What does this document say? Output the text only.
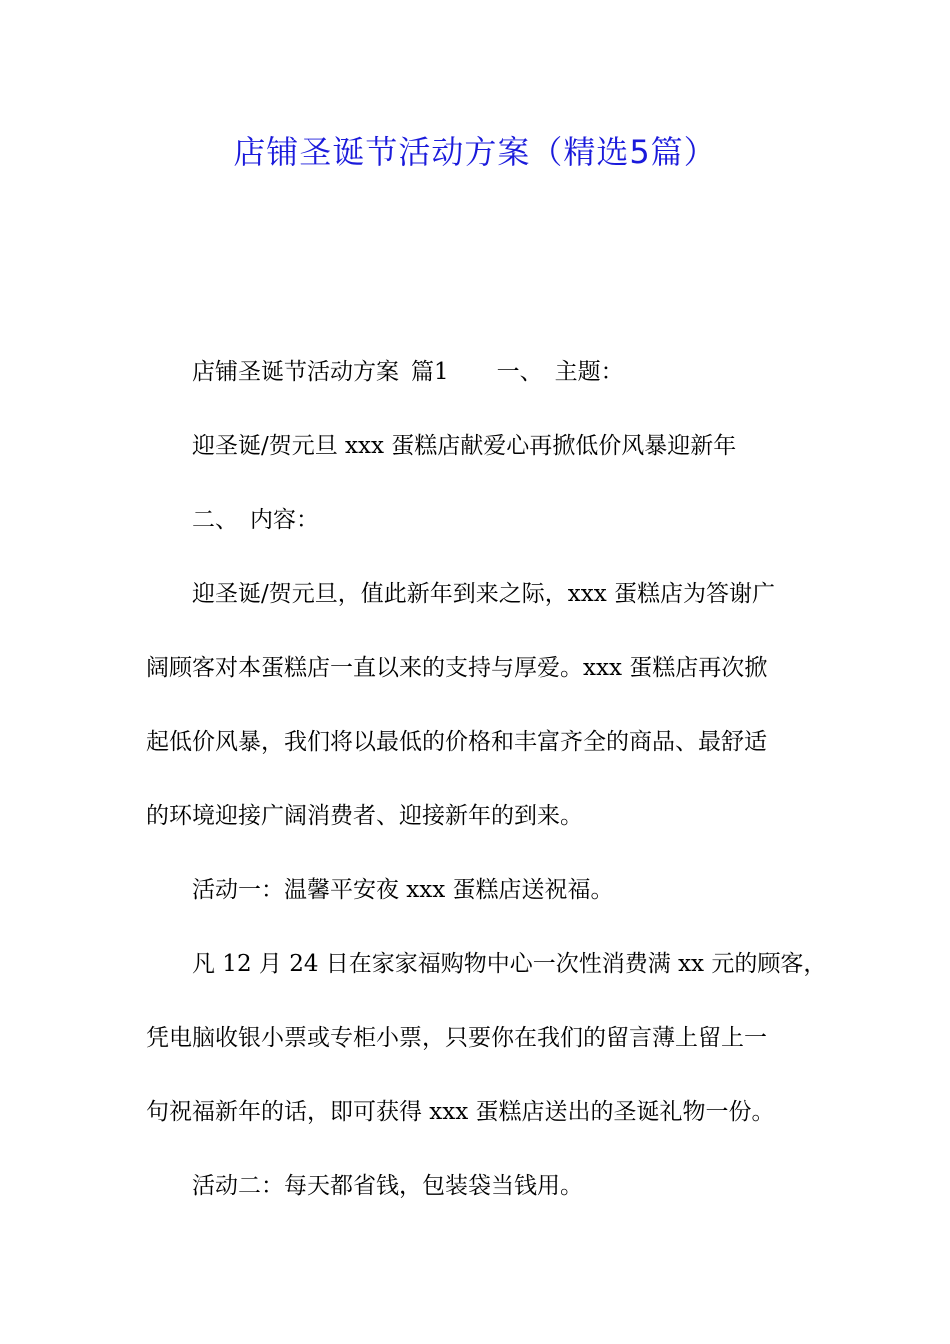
店铺圣诞节活动方案（精选5篇）
店铺圣诞节活动方案 篇1 一、 主题：
迎圣诞/贺元旦 xxx 蛋糕店献爱心再掀低价风暴迎新年
二、 内容：
迎圣诞/贺元旦，值此新年到来之际，xxx 蛋糕店为答谢广
阔顾客对本蛋糕店一直以来的支持与厚爱。xxx 蛋糕店再次掀
起低价风暴，我们将以最低的价格和丰富齐全的商品、最舒适
的环境迎接广阔消费者、迎接新年的到来。
活动一：温馨平安夜 xxx 蛋糕店送祝福。
凡 12 月 24 日在家家福购物中心一次性消费满 xx 元的顾客，
凭电脑收银小票或专柜小票，只要你在我们的留言薄上留上一
句祝福新年的话，即可获得 xxx 蛋糕店送出的圣诞礼物一份。
活动二：每天都省钱，包装袋当钱用。
